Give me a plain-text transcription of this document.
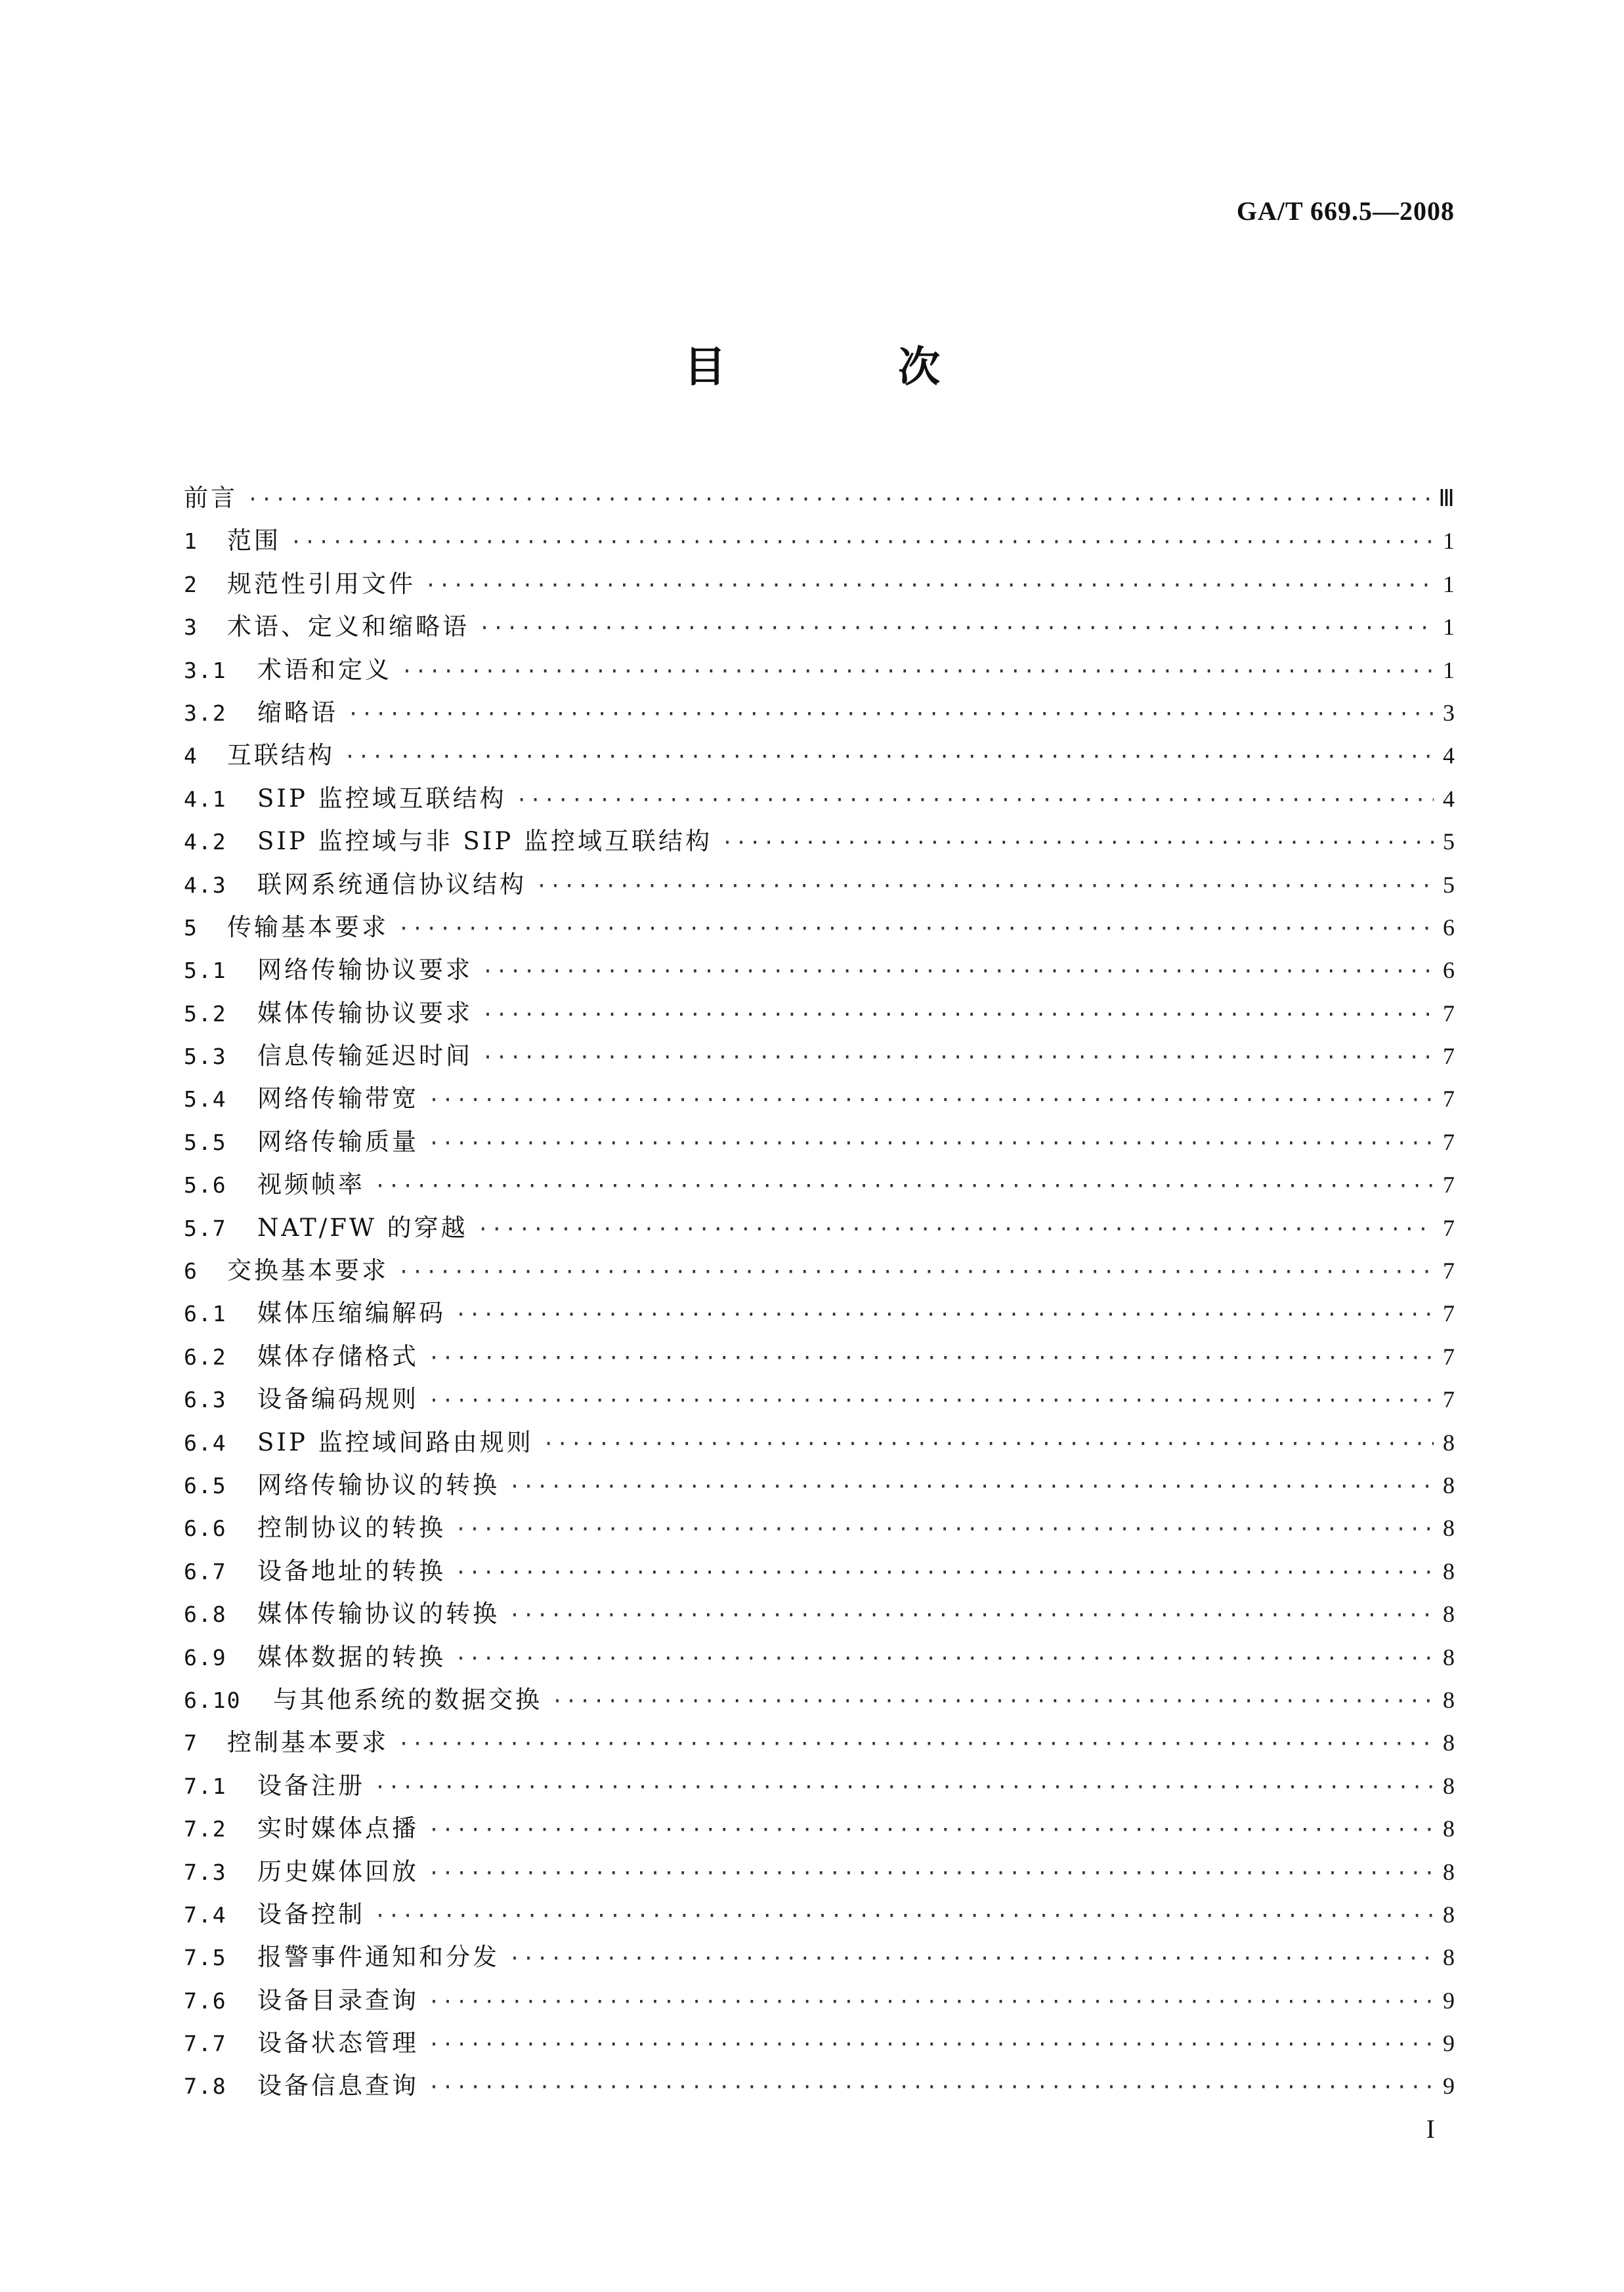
GA/T 669.5—2008
目 次
前言 ·····	Ⅲ
1	范围 ·····	1
2	规范性引用文件 ·····	1
3	术语、定义和缩略语 ·····	1
3.1	术语和定义 ·····	1
3.2	缩略语 ·····	3
4	互联结构 ·····	4
4.1	SIP 监控域互联结构 ·····	4
4.2	SIP 监控域与非 SIP 监控域互联结构 ·····	5
4.3	联网系统通信协议结构 ·····	5
5	传输基本要求 ·····	6
5.1	网络传输协议要求 ·····	6
5.2	媒体传输协议要求 ·····	7
5.3	信息传输延迟时间 ·····	7
5.4	网络传输带宽 ·····	7
5.5	网络传输质量 ·····	7
5.6	视频帧率 ·····	7
5.7	NAT/FW 的穿越 ·····	7
6	交换基本要求 ·····	7
6.1	媒体压缩编解码 ·····	7
6.2	媒体存储格式 ·····	7
6.3	设备编码规则 ·····	7
6.4	SIP 监控域间路由规则 ·····	8
6.5	网络传输协议的转换 ·····	8
6.6	控制协议的转换 ·····	8
6.7	设备地址的转换 ·····	8
6.8	媒体传输协议的转换 ·····	8
6.9	媒体数据的转换 ·····	8
6.10	与其他系统的数据交换 ·····	8
7	控制基本要求 ·····	8
7.1	设备注册 ·····	8
7.2	实时媒体点播 ·····	8
7.3	历史媒体回放 ·····	8
7.4	设备控制 ·····	8
7.5	报警事件通知和分发 ·····	8
7.6	设备目录查询 ·····	9
7.7	设备状态管理 ·····	9
7.8	设备信息查询 ·····	9
I
